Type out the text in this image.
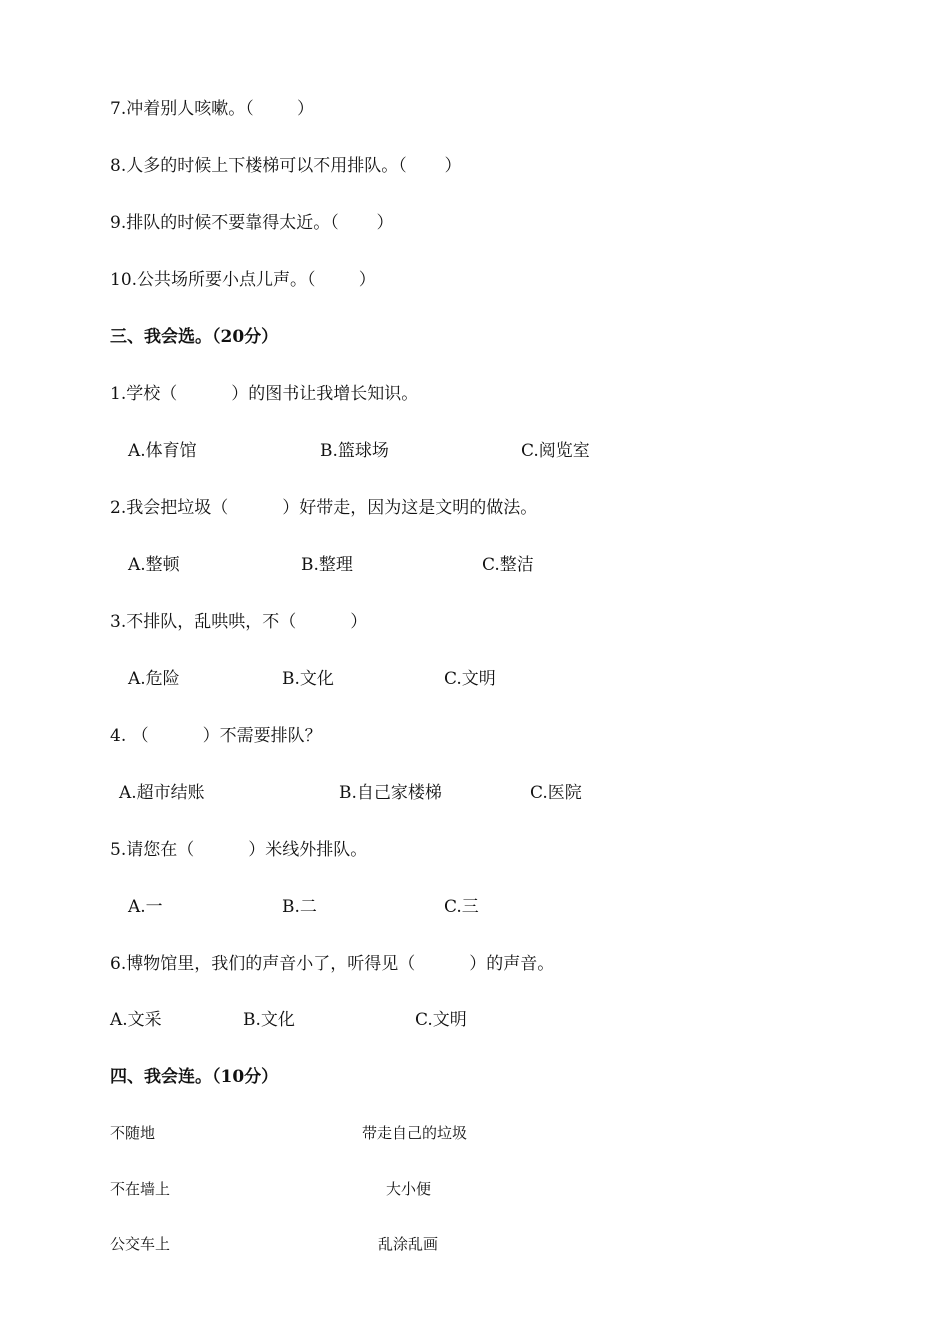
7.冲着别人咳嗽。（        ）
8.人多的时候上下楼梯可以不用排队。（       ）
9.排队的时候不要靠得太近。（       ）
10.公共场所要小点儿声。（        ）
三、我会选。（20分）
1.学校（          ）的图书让我增长知识。
A.体育馆	B.篮球场	C.阅览室
2.我会把垃圾（          ）好带走，因为这是文明的做法。
A.整顿	B.整理	C.整洁
3.不排队，乱哄哄，不（          ）
A.危险	B.文化	C.文明
4. （          ）不需要排队？
A.超市结账	B.自己家楼梯	C.医院
5.请您在（          ）米线外排队。
A.一	B.二	C.三
6.博物馆里，我们的声音小了，听得见（          ）的声音。
A.文采	B.文化	C.文明
四、我会连。（10分）
不随地	带走自己的垃圾
不在墙上	大小便
公交车上	乱涂乱画
